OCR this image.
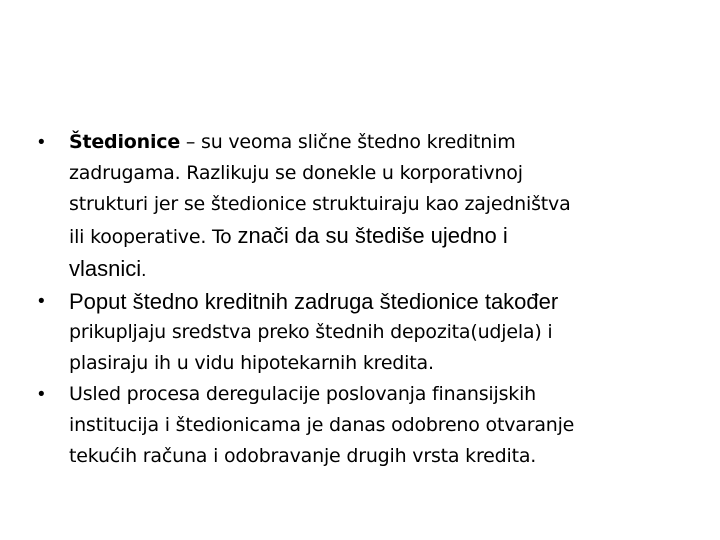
• Štedionice – su veoma slične štedno kreditnim
zadrugama. Razlikuju se donekle u korporativnoj
strukturi jer se štedionice struktuiraju kao zajedništva
ili kooperative. To znači da su štediše ujedno i
vlasnici.
• Poput štedno kreditnih zadruga štedionice također
prikupljaju sredstva preko štednih depozita(udjela) i
plasiraju ih u vidu hipotekarnih kredita.
• Usled procesa deregulacije poslovanja finansijskih
institucija i štedionicama je danas odobreno otvaranje
tekućih računa i odobravanje drugih vrsta kredita.
